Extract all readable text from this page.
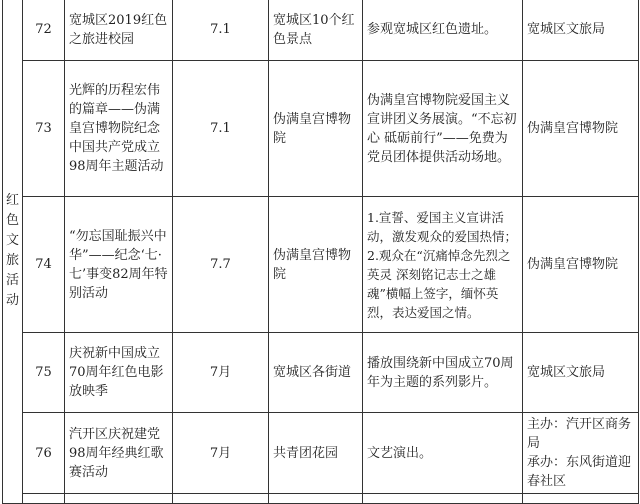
红色文旅活动	72	宽城区2019红色之旅进校园	7.1	宽城区10个红色景点	参观宽城区红色遗址。	宽城区文旅局
	73	光辉的历程宏伟的篇章——伪满皇宫博物院纪念中国共产党成立98周年主题活动	7.1	伪满皇宫博物院	伪满皇宫博物院爱国主义宣讲团义务展演。“不忘初心 砥砺前行”——免费为党员团体提供活动场地。	伪满皇宫博物院
	74	“勿忘国耻振兴中华”——纪念‘七·七’事变82周年特别活动	7.7	伪满皇宫博物院	1.宣誓、爱国主义宣讲活动，激发观众的爱国热情；2.观众在“沉痛悼念先烈之英灵 深刻铭记志士之雄魂”横幅上签字，缅怀英烈，表达爱国之情。	伪满皇宫博物院
	75	庆祝新中国成立70周年红色电影放映季	7月	宽城区各街道	播放围绕新中国成立70周年为主题的系列影片。	宽城区文旅局
	76	汽开区庆祝建党98周年经典红歌赛活动	7月	共青团花园	文艺演出。	主办：汽开区商务局
承办：东风街道迎春社区
